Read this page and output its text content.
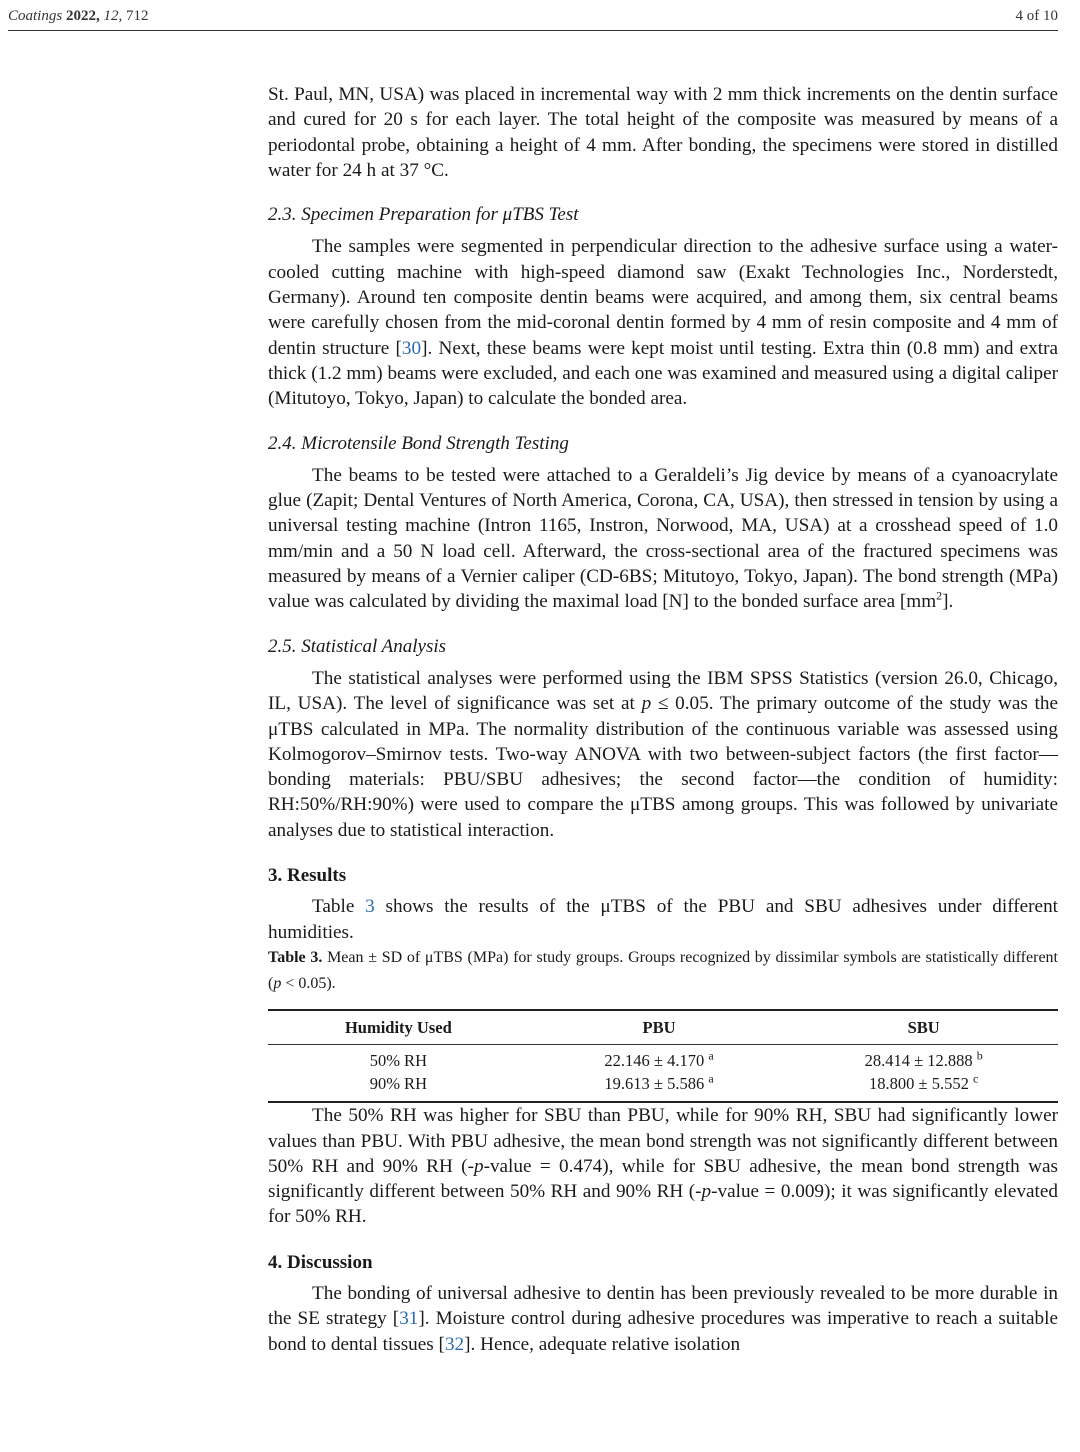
Coatings 2022, 12, 712	4 of 10

St. Paul, MN, USA) was placed in incremental way with 2 mm thick increments on the dentin surface and cured for 20 s for each layer. The total height of the composite was measured by means of a periodontal probe, obtaining a height of 4 mm. After bonding, the specimens were stored in distilled water for 24 h at 37 °C.

2.3. Specimen Preparation for μTBS Test

The samples were segmented in perpendicular direction to the adhesive surface using a water-cooled cutting machine with high-speed diamond saw (Exakt Technologies Inc., Norderstedt, Germany). Around ten composite dentin beams were acquired, and among them, six central beams were carefully chosen from the mid-coronal dentin formed by 4 mm of resin composite and 4 mm of dentin structure [30]. Next, these beams were kept moist until testing. Extra thin (0.8 mm) and extra thick (1.2 mm) beams were excluded, and each one was examined and measured using a digital caliper (Mitutoyo, Tokyo, Japan) to calculate the bonded area.

2.4. Microtensile Bond Strength Testing

The beams to be tested were attached to a Geraldeli’s Jig device by means of a cyanoacrylate glue (Zapit; Dental Ventures of North America, Corona, CA, USA), then stressed in tension by using a universal testing machine (Intron 1165, Instron, Norwood, MA, USA) at a crosshead speed of 1.0 mm/min and a 50 N load cell. Afterward, the cross-sectional area of the fractured specimens was measured by means of a Vernier caliper (CD-6BS; Mitutoyo, Tokyo, Japan). The bond strength (MPa) value was calculated by dividing the maximal load [N] to the bonded surface area $[mm^2]$.

2.5. Statistical Analysis

The statistical analyses were performed using the IBM SPSS Statistics (version 26.0, Chicago, IL, USA). The level of significance was set at p ≤ 0.05. The primary outcome of the study was the μTBS calculated in MPa. The normality distribution of the continuous variable was assessed using Kolmogorov–Smirnov tests. Two-way ANOVA with two between-subject factors (the first factor—bonding materials: PBU/SBU adhesives; the second factor—the condition of humidity: RH:50%/RH:90%) were used to compare the μTBS among groups. This was followed by univariate analyses due to statistical interaction.

3. Results

Table 3 shows the results of the μTBS of the PBU and SBU adhesives under different humidities.

Table 3. Mean ± SD of μTBS (MPa) for study groups. Groups recognized by dissimilar symbols are statistically different (p < 0.05).

Humidity Used	PBU	SBU
50% RH	22.146 ± 4.170 $^a$	28.414 ± 12.888 $^b$
90% RH	19.613 ± 5.586 $^a$	18.800 ± 5.552 $^c$

The 50% RH was higher for SBU than PBU, while for 90% RH, SBU had significantly lower values than PBU. With PBU adhesive, the mean bond strength was not significantly different between 50% RH and 90% RH (-p-value = 0.474), while for SBU adhesive, the mean bond strength was significantly different between 50% RH and 90% RH (-p-value = 0.009); it was significantly elevated for 50% RH.

4. Discussion

The bonding of universal adhesive to dentin has been previously revealed to be more durable in the SE strategy [31]. Moisture control during adhesive procedures was imperative to reach a suitable bond to dental tissues [32]. Hence, adequate relative isolation
